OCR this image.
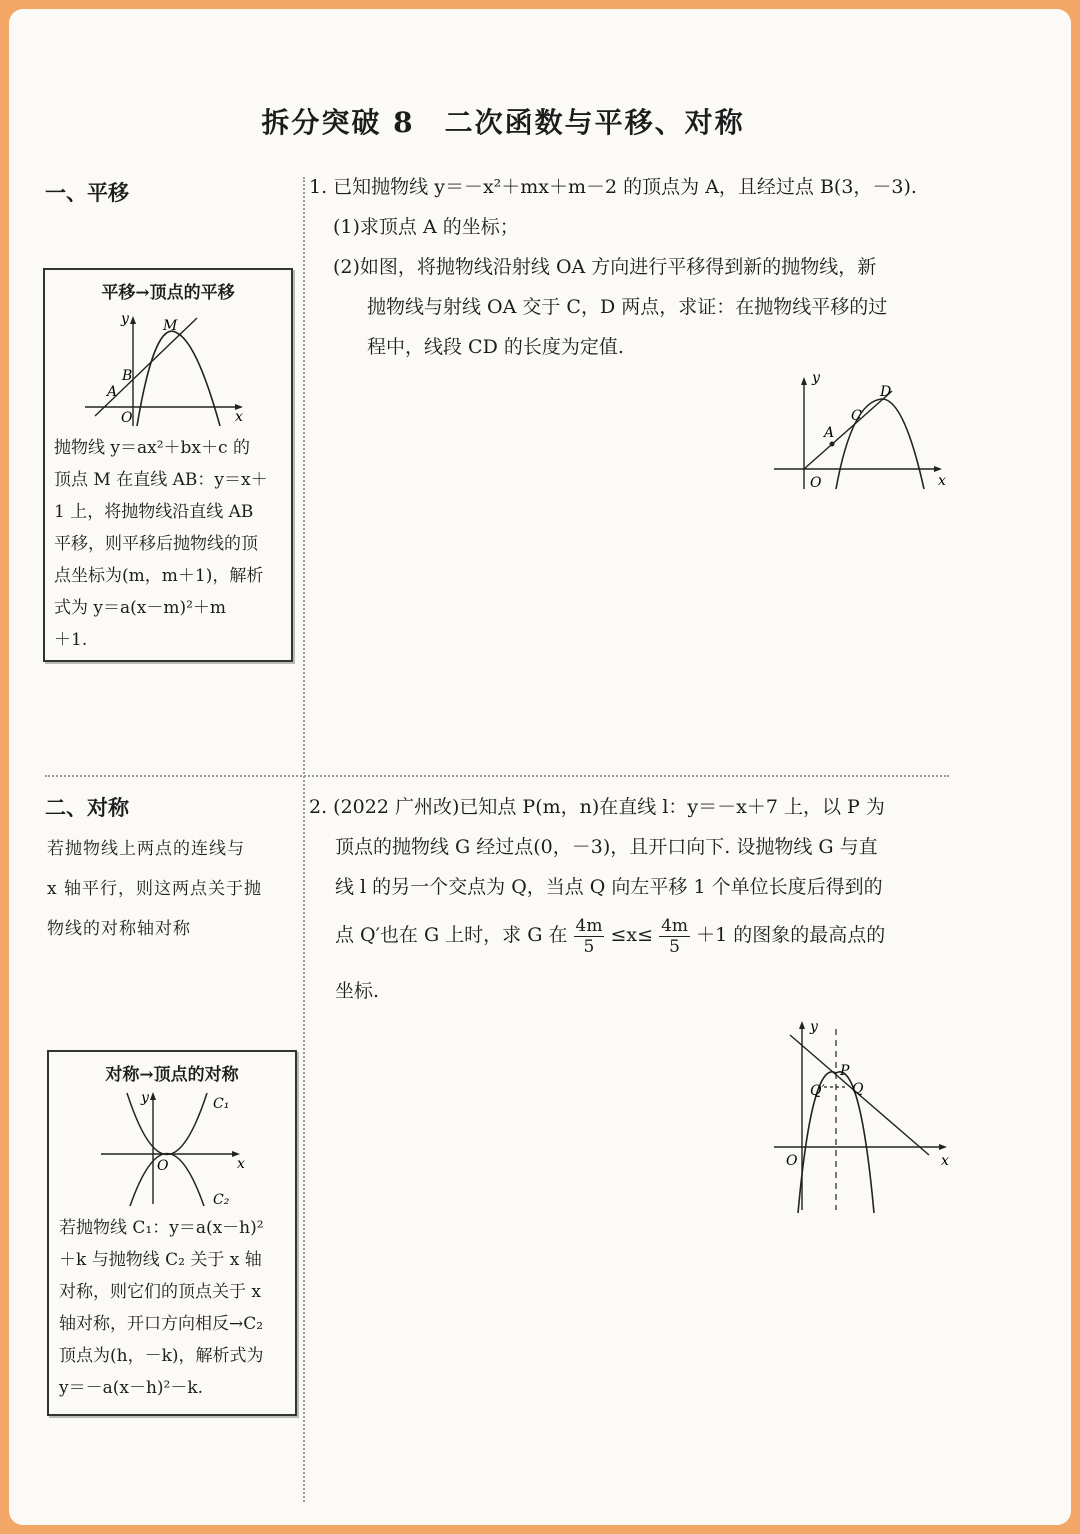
拆分突破 8　二次函数与平移、对称
一、平移
平移→顶点的平移
y
x
O
M
B
A
抛物线 y＝ax²＋bx＋c 的
顶点 M 在直线 AB：y＝x＋
1 上，将抛物线沿直线 AB
平移，则平移后抛物线的顶
点坐标为(m，m＋1)，解析
式为 y＝a(x－m)²＋m
＋1.
1. 已知抛物线 y＝－x²＋mx＋m－2 的顶点为 A，且经过点 B(3，－3).
(1)求顶点 A 的坐标；
(2)如图，将抛物线沿射线 OA 方向进行平移得到新的抛物线，新
抛物线与射线 OA 交于 C，D 两点，求证：在抛物线平移的过
程中，线段 CD 的长度为定值.
y
x
O
A
C
D
二、对称
若抛物线上两点的连线与
x 轴平行，则这两点关于抛
物线的对称轴对称
对称→顶点的对称
y
x
O
C₁
C₂
若抛物线 C₁：y＝a(x－h)²
＋k 与抛物线 C₂ 关于 x 轴
对称，则它们的顶点关于 x
轴对称，开口方向相反→C₂
顶点为(h，－k)，解析式为
y＝－a(x－h)²－k.
2. (2022 广州改)已知点 P(m，n)在直线 l：y＝－x＋7 上，以 P 为
顶点的抛物线 G 经过点(0，－3)，且开口向下. 设抛物线 G 与直
线 l 的另一个交点为 Q，当点 Q 向左平移 1 个单位长度后得到的
点 Q′也在 G 上时，求 G 在 $\frac{4m}{5} \le x\le \frac{4m}{5} +1$ 的图象的最高点的
坐标.
y
x
O
P
Q
Q′
